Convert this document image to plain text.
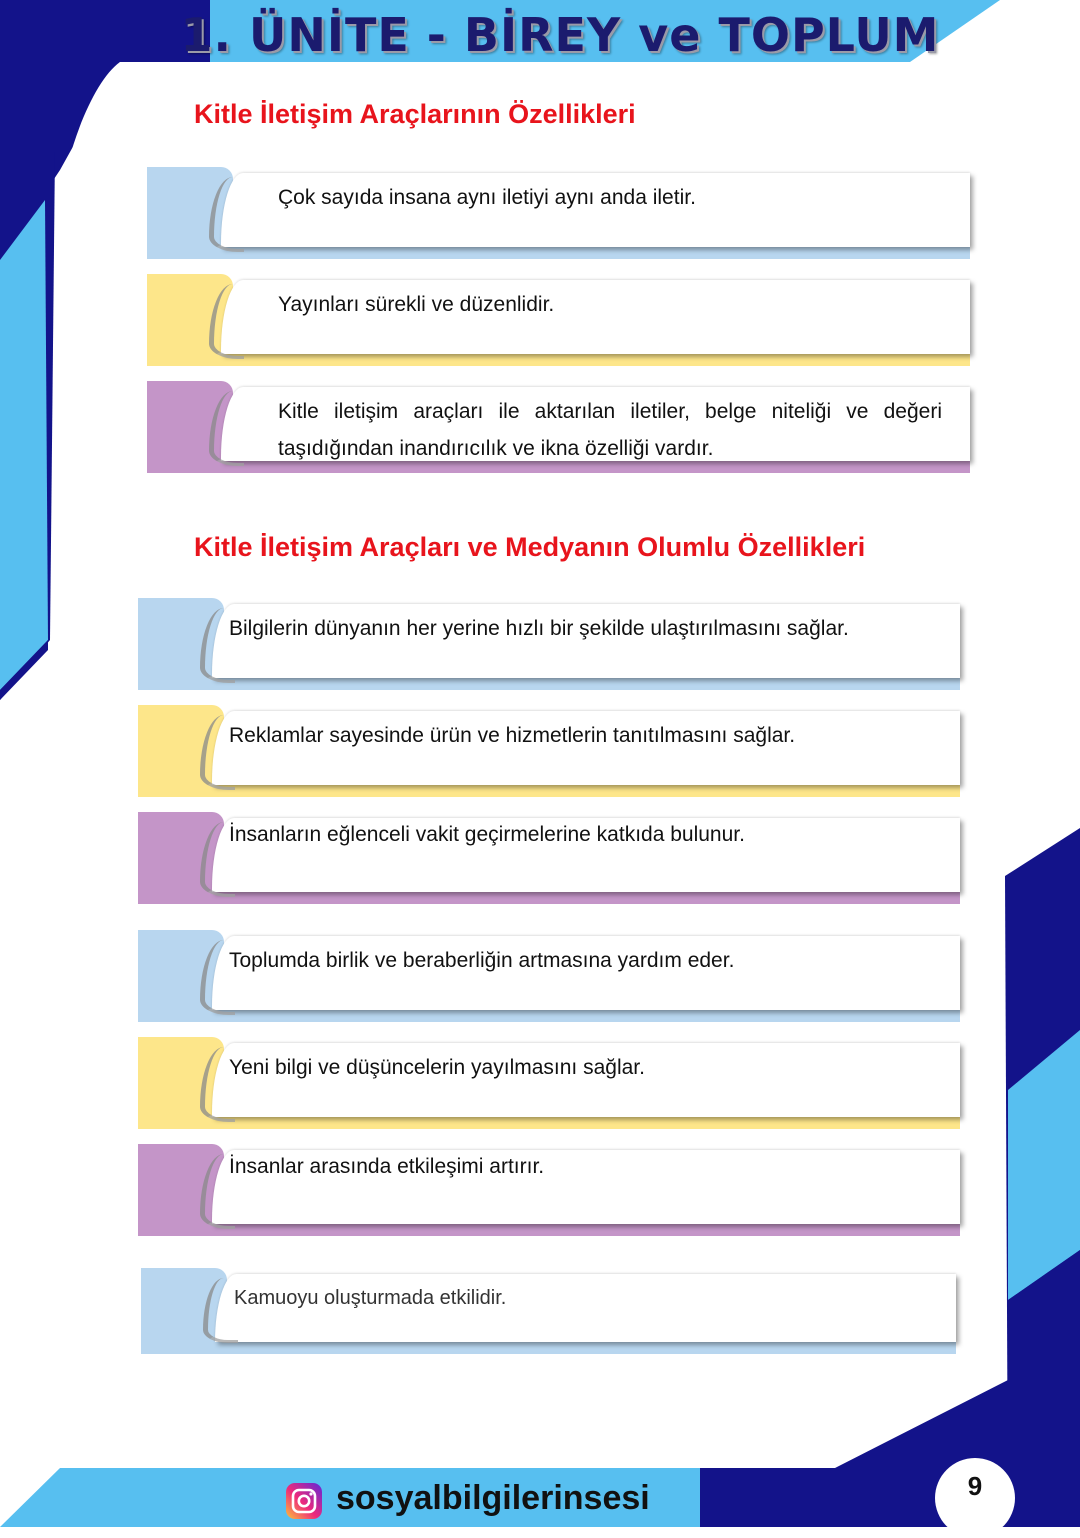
1. ÜNİTE - BİREY ve TOPLUM
Kitle İletişim Araçlarının Özellikleri
Çok sayıda insana aynı iletiyi aynı anda iletir.
Yayınları sürekli ve düzenlidir.
Kitle iletişim araçları ile aktarılan iletiler, belge niteliği ve değeri taşıdığından inandırıcılık ve ikna özelliği vardır.
Kitle İletişim Araçları ve Medyanın Olumlu Özellikleri
Bilgilerin dünyanın her yerine hızlı bir şekilde ulaştırılmasını sağlar.
Reklamlar sayesinde ürün ve hizmetlerin tanıtılmasını sağlar.
İnsanların eğlenceli vakit geçirmelerine katkıda bulunur.
Toplumda birlik ve beraberliğin artmasına yardım eder.
Yeni bilgi ve düşüncelerin yayılmasını sağlar.
İnsanlar arasında etkileşimi artırır.
Kamuoyu oluşturmada etkilidir.
sosyalbilgilerinsesi	9
